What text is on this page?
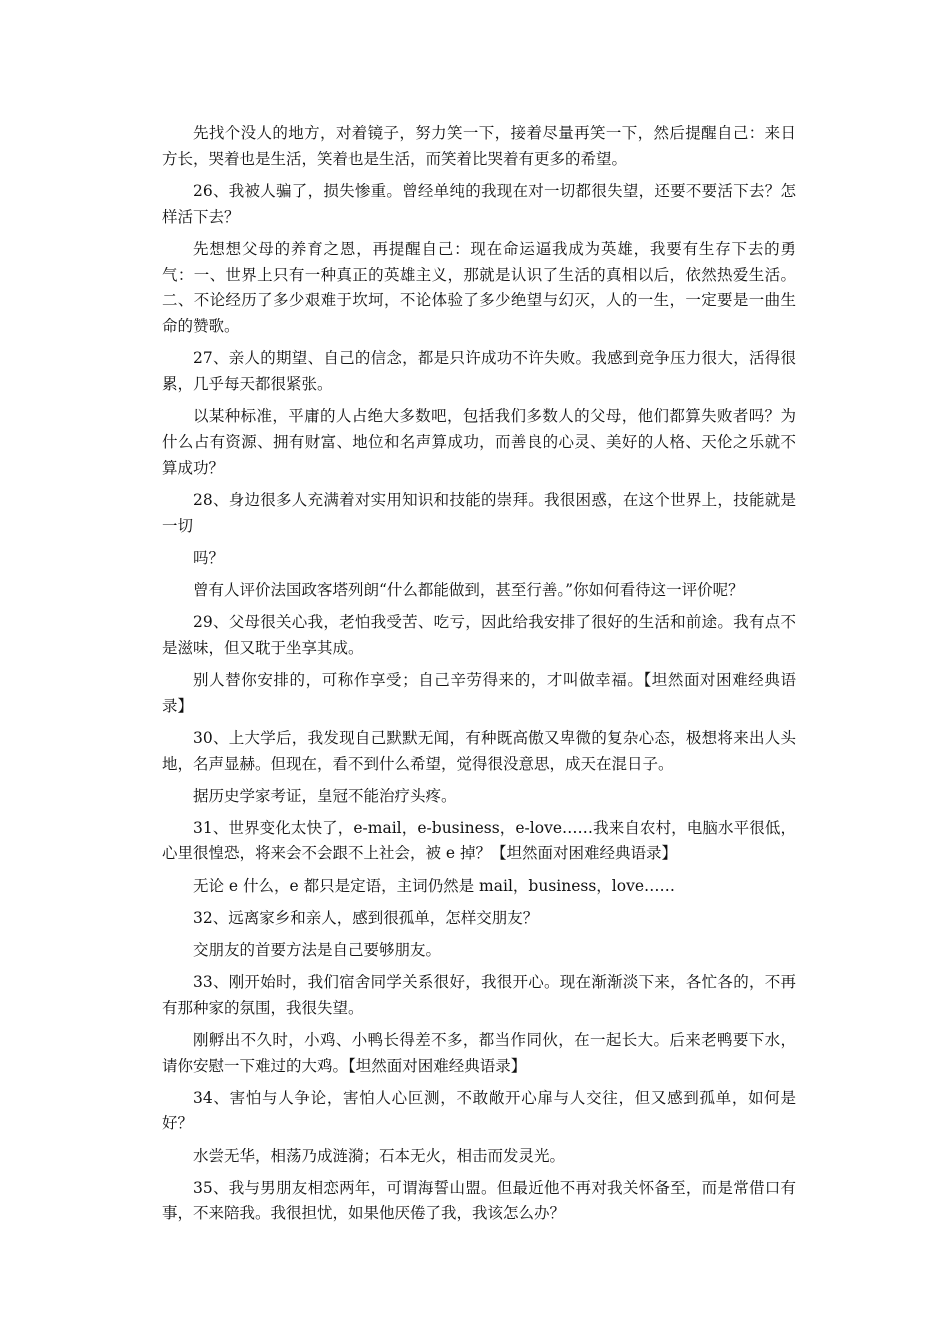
先找个没人的地方，对着镜子，努力笑一下，接着尽量再笑一下，然后提醒自己：来日方长，哭着也是生活，笑着也是生活，而笑着比哭着有更多的希望。

26、我被人骗了，损失惨重。曾经单纯的我现在对一切都很失望，还要不要活下去？怎样活下去？

先想想父母的养育之恩，再提醒自己：现在命运逼我成为英雄，我要有生存下去的勇气：一、世界上只有一种真正的英雄主义，那就是认识了生活的真相以后，依然热爱生活。二、不论经历了多少艰难于坎坷，不论体验了多少绝望与幻灭，人的一生，一定要是一曲生命的赞歌。

27、亲人的期望、自己的信念，都是只许成功不许失败。我感到竞争压力很大，活得很累，几乎每天都很紧张。

以某种标准，平庸的人占绝大多数吧，包括我们多数人的父母，他们都算失败者吗？为什么占有资源、拥有财富、地位和名声算成功，而善良的心灵、美好的人格、天伦之乐就不算成功？

28、身边很多人充满着对实用知识和技能的崇拜。我很困惑，在这个世界上，技能就是一切

吗？

曾有人评价法国政客塔列朗“什么都能做到，甚至行善。”你如何看待这一评价呢？

29、父母很关心我，老怕我受苦、吃亏，因此给我安排了很好的生活和前途。我有点不是滋味，但又耽于坐享其成。

别人替你安排的，可称作享受；自己辛劳得来的，才叫做幸福。【坦然面对困难经典语录】

30、上大学后，我发现自己默默无闻，有种既高傲又卑微的复杂心态，极想将来出人头地，名声显赫。但现在，看不到什么希望，觉得很没意思，成天在混日子。

据历史学家考证，皇冠不能治疗头疼。

31、世界变化太快了，e-mail，e-business，e-love……我来自农村，电脑水平很低，心里很惶恐，将来会不会跟不上社会，被 e 掉？【坦然面对困难经典语录】

无论 e 什么，e 都只是定语，主词仍然是 mail，business，love……

32、远离家乡和亲人，感到很孤单，怎样交朋友？

交朋友的首要方法是自己要够朋友。

33、刚开始时，我们宿舍同学关系很好，我很开心。现在渐渐淡下来，各忙各的，不再有那种家的氛围，我很失望。

刚孵出不久时，小鸡、小鸭长得差不多，都当作同伙，在一起长大。后来老鸭要下水，请你安慰一下难过的大鸡。【坦然面对困难经典语录】

34、害怕与人争论，害怕人心叵测，不敢敞开心扉与人交往，但又感到孤单，如何是好？

水尝无华，相荡乃成涟漪；石本无火，相击而发灵光。

35、我与男朋友相恋两年，可谓海誓山盟。但最近他不再对我关怀备至，而是常借口有事，不来陪我。我很担忧，如果他厌倦了我，我该怎么办？
